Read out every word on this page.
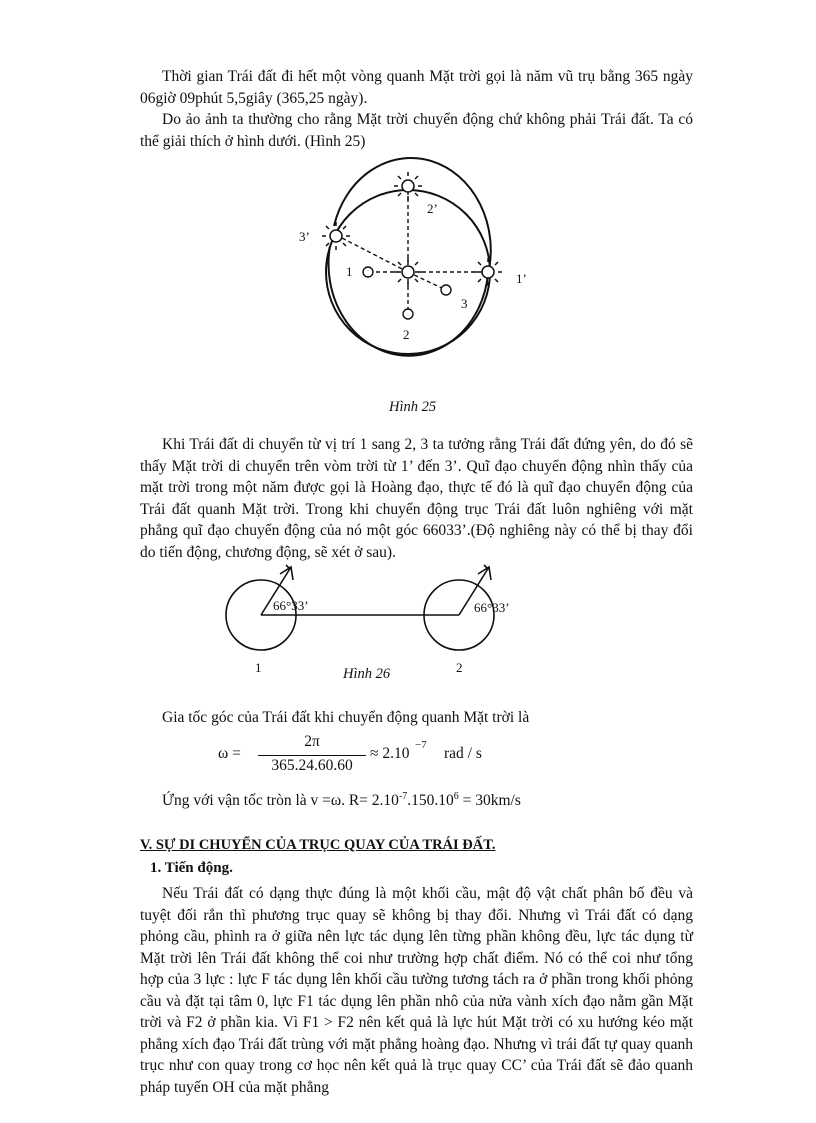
Thời gian Trái đất đi hết một vòng quanh Mặt trời gọi là năm vũ trụ bằng 365 ngày 06giờ 09phút 5,5giây (365,25 ngày).

Do ảo ảnh ta thường cho rằng Mặt trời chuyển động chứ không phải Trái đất. Ta có thể giải thích ở hình dưới. (Hình 25)

1
2
3
1’
2’
3’
Hình 25

Khi Trái đất di chuyển từ vị trí 1 sang 2, 3 ta tưởng rằng Trái đất đứng yên, do đó sẽ thấy Mặt trời di chuyển trên vòm trời từ 1’ đến 3’. Quĩ đạo chuyển động nhìn thấy của mặt trời trong một năm được gọi là Hoàng đạo, thực tế đó là quĩ đạo chuyển động của Trái đất quanh Mặt trời. Trong khi chuyển động trục Trái đất luôn nghiêng với mặt phẳng quĩ đạo chuyển động của nó một góc 66033’.(Độ nghiêng này có thể bị thay đổi do tiến động, chương động, sẽ xét ở sau).

66°33’	66°33’
1	2
Hình 26

Gia tốc góc của Trái đất khi chuyển động quanh Mặt trời là

ω =
2π
365.24.60.60
≈ 2.10 −7 rad / s

Ứng với vận tốc tròn là v =ω. $R= 2.10^{-7}.150.10^6 = 30km/s$

V. SỰ DI CHUYỂN CỦA TRỤC QUAY CỦA TRÁI ĐẤT.

1. Tiến động.

Nếu Trái đất có dạng thực đúng là một khối cầu, mật độ vật chất phân bố đều và tuyệt đối rắn thì phương trục quay sẽ không bị thay đổi. Nhưng vì Trái đất có dạng phỏng cầu, phình ra ở giữa nên lực tác dụng lên từng phần không đều, lực tác dụng từ Mặt trời lên Trái đất không thể coi như trường hợp chất điểm. Nó có thể coi như tổng hợp của 3 lực : lực F tác dụng lên khối cầu tường tương tách ra ở phần trong khối phỏng cầu và đặt tại tâm 0, lực F1 tác dụng lên phần nhô của nửa vành xích đạo nằm gần Mặt trời và F2 ở phần kia. Vì F1 > F2 nên kết quả là lực hút Mặt trời có xu hướng kéo mặt phẳng xích đạo Trái đất trùng với mặt phẳng hoàng đạo. Nhưng vì trái đất tự quay quanh trục như con quay trong cơ học nên kết quả là trục quay CC’ của Trái đất sẽ đảo quanh pháp tuyến OH của mặt phẳng
